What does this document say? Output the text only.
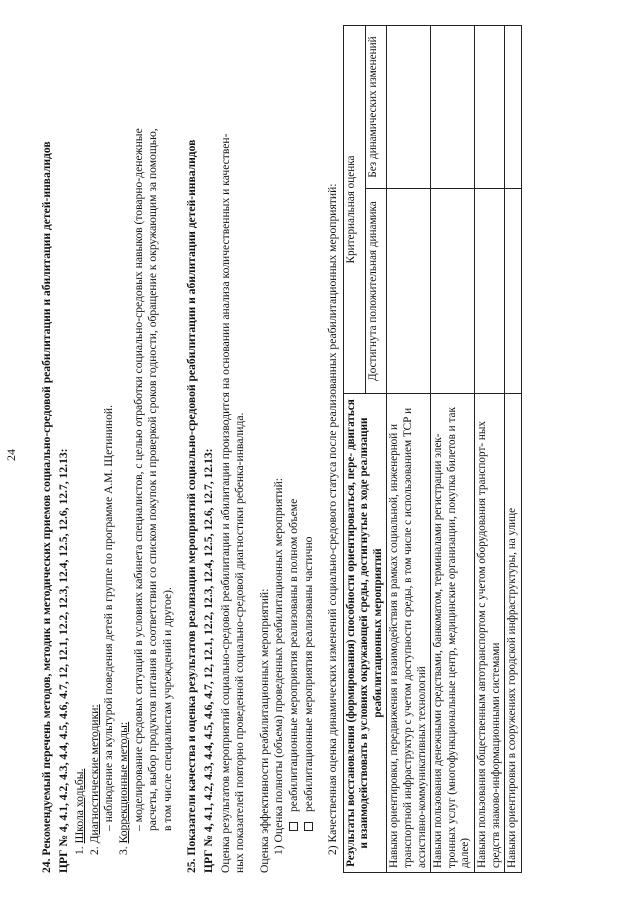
24 24. Рекомендуемый перечень методов, методик и методических приемов социально-средовой реабилитации и абилитации детей-инвалидов ЦРГ № 4, 4.1, 4.2, 4.3, 4.4, 4.5, 4.6, 4.7, 12, 12.1, 12.2, 12.3, 12.4, 12.5, 12.6, 12.7, 12.13: 1. Школа ходьбы.

2. Диагностические методики: – наблюдение за культурой поведения детей в группе по программе А.М. Щетининой.

3. Коррекционные методы: – моделирование средовых ситуаций в условиях кабинета специалистов, с целью отработки социально-средовых навыков (товарно-денежные расчеты, выбор продуктов питания в соответствии со списком покупок и проверкой сроков годности, обращение к окружающим за помощью, в том числе специалистам учреждений и другое). 25. Показатели качества и оценка результатов реализации мероприятий социально-средовой реабилитации и абилитации детей-инвалидов ЦРГ № 4, 4.1, 4.2, 4.3, 4.4, 4.5, 4.6, 4.7, 12, 12.1, 12.2, 12.3, 12.4, 12.5, 12.6, 12.7, 12.13: Оценка результатов мероприятий социально-средовой реабилитации и абилитации производится на основании анализа количественных и качествен- ных показателей повторно проведенной социально-средовой диагностики ребенка-инвалида. Оценка эффективности реабилитационных мероприятий: 1) Оценка полноты (объема) проведенных реабилитационных мероприятий: реабилитационные мероприятия реализованы в полном объеме реабилитационные мероприятия реализованы частично 2) Качественная оценка динамических изменений социально-средового статуса после реализованных реабилитационных мероприятий: Результаты восстановления (формирования) способности ориентироваться, пере- двигаться и взаимодействовать в условиях окружающей среды, достигнутые в ходе реализации реабилитационных мероприятий	Критериальная оценка	
	Достигнута положительная динамика	Без динамических изменений
Навыки ориентировки, передвижения и взаимодействия в рамках социальной, инженерной и транспортной инфраструктур с учетом доступности среды, в том числе с использованием ТСР и ассистивно-коммуникативных технологий		
Навыки пользования денежными средствами, банкоматом, терминалами регистрации элек- тронных услуг (многофункциональные центр, медицинские организации, покупка билетов и так далее)		
Навыки пользования общественным автотранспортом с учетом оборудования транспорт- ных средств знаково-информационными системами		
Навыки ориентировки в сооружениях городской инфраструктуры, на улице		
